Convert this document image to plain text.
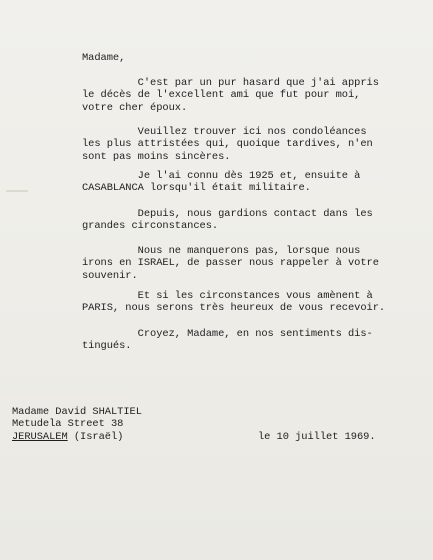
Madame,
C'est par un pur hasard que j'ai appris
le décès de l'excellent ami que fut pour moi,
votre cher époux.
Veuillez trouver ici nos condoléances
les plus attristées qui, quoique tardives, n'en
sont pas moins sincères.
Je l'ai connu dès 1925 et, ensuite à
CASABLANCA lorsqu'il était militaire.
Depuis, nous gardions contact dans les
grandes circonstances.
Nous ne manquerons pas, lorsque nous
irons en ISRAEL, de passer nous rappeler à votre
souvenir.
Et si les circonstances vous amènent à
PARIS, nous serons très heureux de vous recevoir.
Croyez, Madame, en nos sentiments dis-
tingués.
Madame David SHALTIEL
Metudela Street 38
JERUSALEM (Israël)	le 10 juillet 1969.
